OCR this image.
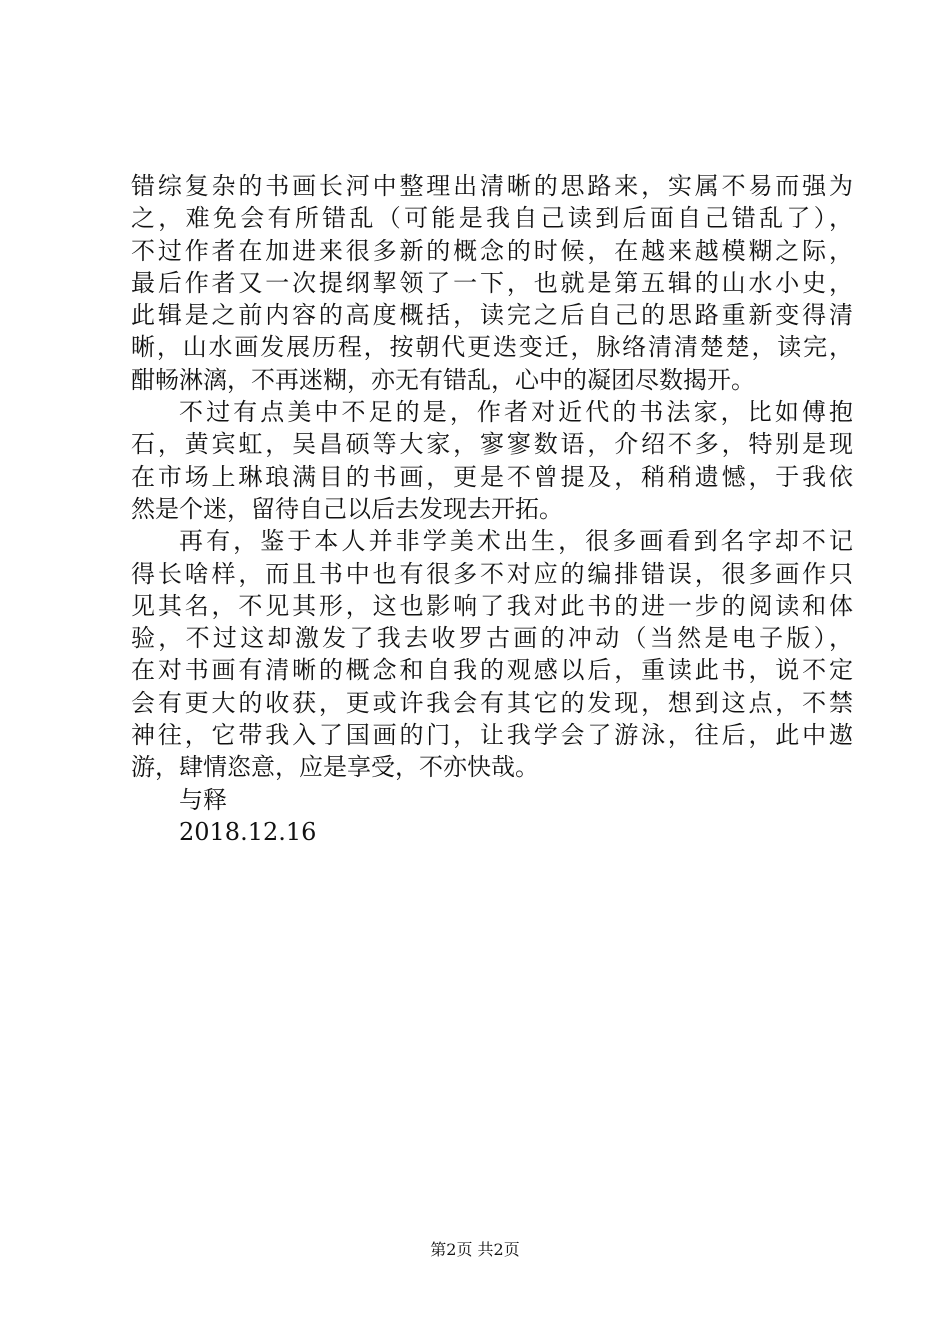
错综复杂的书画长河中整理出清晰的思路来，实属不易而强为
之，难免会有所错乱（可能是我自己读到后面自己错乱了），
不过作者在加进来很多新的概念的时候，在越来越模糊之际，
最后作者又一次提纲挈领了一下，也就是第五辑的山水小史，
此辑是之前内容的高度概括，读完之后自己的思路重新变得清
晰，山水画发展历程，按朝代更迭变迁，脉络清清楚楚，读完，
酣畅淋漓，不再迷糊，亦无有错乱，心中的凝团尽数揭开。
不过有点美中不足的是，作者对近代的书法家，比如傅抱
石，黄宾虹，吴昌硕等大家，寥寥数语，介绍不多，特别是现
在市场上琳琅满目的书画，更是不曾提及，稍稍遗憾，于我依
然是个迷，留待自己以后去发现去开拓。
再有，鉴于本人并非学美术出生，很多画看到名字却不记
得长啥样，而且书中也有很多不对应的编排错误，很多画作只
见其名，不见其形，这也影响了我对此书的进一步的阅读和体
验，不过这却激发了我去收罗古画的冲动（当然是电子版），
在对书画有清晰的概念和自我的观感以后，重读此书，说不定
会有更大的收获，更或许我会有其它的发现，想到这点，不禁
神往，它带我入了国画的门，让我学会了游泳，往后，此中遨
游，肆情恣意，应是享受，不亦快哉。
与释
2018.12.16
第2页 共2页
